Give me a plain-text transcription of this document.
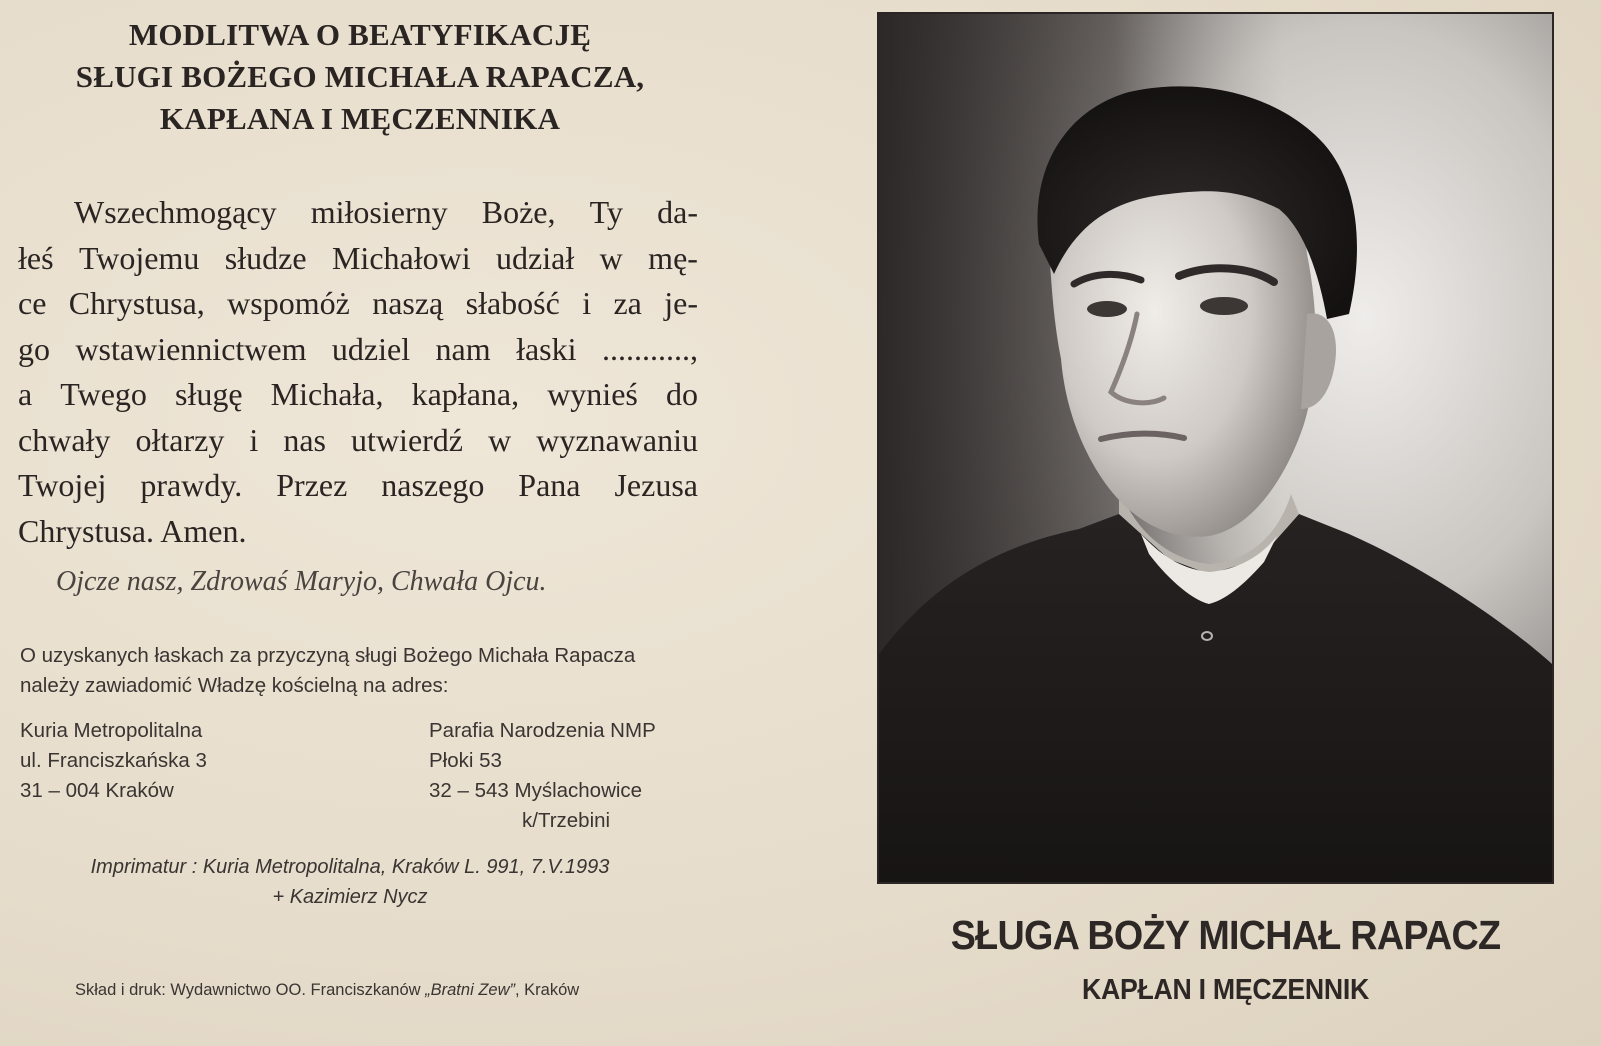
MODLITWA O BEATYFIKACJĘ
SŁUGI BOŻEGO MICHAŁA RAPACZA,
KAPŁANA I MĘCZENNIKA
Wszechmogący miłosierny Boże, Ty da-
łeś Twojemu słudze Michałowi udział w mę-
ce Chrystusa, wspomóż naszą słabość i za je-
go wstawiennictwem udziel nam łaski ...........,
a Twego sługę Michała, kapłana, wynieś do
chwały ołtarzy i nas utwierdź w wyznawaniu
Twojej prawdy. Przez naszego Pana Jezusa
Chrystusa. Amen.
Ojcze nasz, Zdrowaś Maryjo, Chwała Ojcu.
O uzyskanych łaskach za przyczyną sługi Bożego Michała Rapacza
należy zawiadomić Władzę kościelną na adres:
Kuria Metropolitalna
ul. Franciszkańska 3
31 – 004 Kraków
Parafia Narodzenia NMP
Płoki 53
32 – 543 Myślachowice
k/Trzebini
Imprimatur : Kuria Metropolitalna, Kraków L. 991, 7.V.1993
+ Kazimierz Nycz
Skład i druk: Wydawnictwo OO. Franciszkanów „Bratni Zew”, Kraków
SŁUGA BOŻY MICHAŁ RAPACZ
KAPŁAN I MĘCZENNIK
